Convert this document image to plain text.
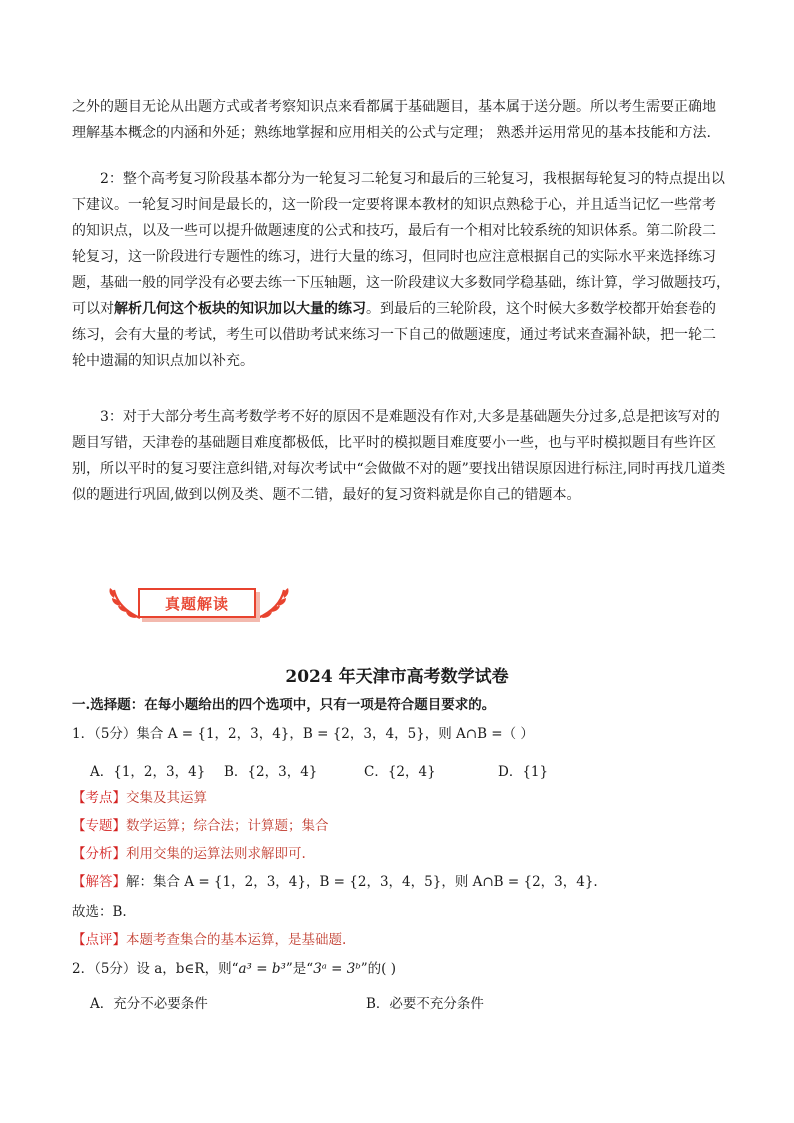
之外的题目无论从出题方式或者考察知识点来看都属于基础题目，基本属于送分题。所以考生需要正确地
理解基本概念的内涵和外延；熟练地掌握和应用相关的公式与定理； 熟悉并运用常见的基本技能和方法.
2：整个高考复习阶段基本都分为一轮复习二轮复习和最后的三轮复习，我根据每轮复习的特点提出以
下建议。一轮复习时间是最长的，这一阶段一定要将课本教材的知识点熟稔于心，并且适当记忆一些常考
的知识点，以及一些可以提升做题速度的公式和技巧，最后有一个相对比较系统的知识体系。第二阶段二
轮复习，这一阶段进行专题性的练习，进行大量的练习，但同时也应注意根据自己的实际水平来选择练习
题，基础一般的同学没有必要去练一下压轴题，这一阶段建议大多数同学稳基础，练计算，学习做题技巧，
可以对解析几何这个板块的知识加以大量的练习。到最后的三轮阶段，这个时候大多数学校都开始套卷的
练习，会有大量的考试，考生可以借助考试来练习一下自己的做题速度，通过考试来查漏补缺，把一轮二
轮中遗漏的知识点加以补充。
3：对于大部分考生高考数学考不好的原因不是难题没有作对,大多是基础题失分过多,总是把该写对的
题目写错，天津卷的基础题目难度都极低，比平时的模拟题目难度要小一些，也与平时模拟题目有些许区
别，所以平时的复习要注意纠错,对每次考试中“会做做不对的题”要找出错误原因进行标注,同时再找几道类
似的题进行巩固,做到以例及类、题不二错，最好的复习资料就是你自己的错题本。
真题解读
2024 年天津市高考数学试卷
一.选择题：在每小题给出的四个选项中，只有一项是符合题目要求的。
1．（5分）集合 A = {1，2，3，4}，B = {2，3，4，5}，则 A∩B =（ ）
A．{1，2，3，4} B．{2，3，4}	C．{2，4}	D．{1}
【考点】交集及其运算
【专题】数学运算；综合法；计算题；集合
【分析】利用交集的运算法则求解即可.
【解答】解：集合 A = {1，2，3，4}，B = {2，3，4，5}，则 A∩B = {2，3，4}.
故选：B.
【点评】本题考查集合的基本运算，是基础题.
2．（5分）设 a，b∈R，则“a³ = b³”是“3ᵃ = 3ᵇ”的( )
A．充分不必要条件	B．必要不充分条件
